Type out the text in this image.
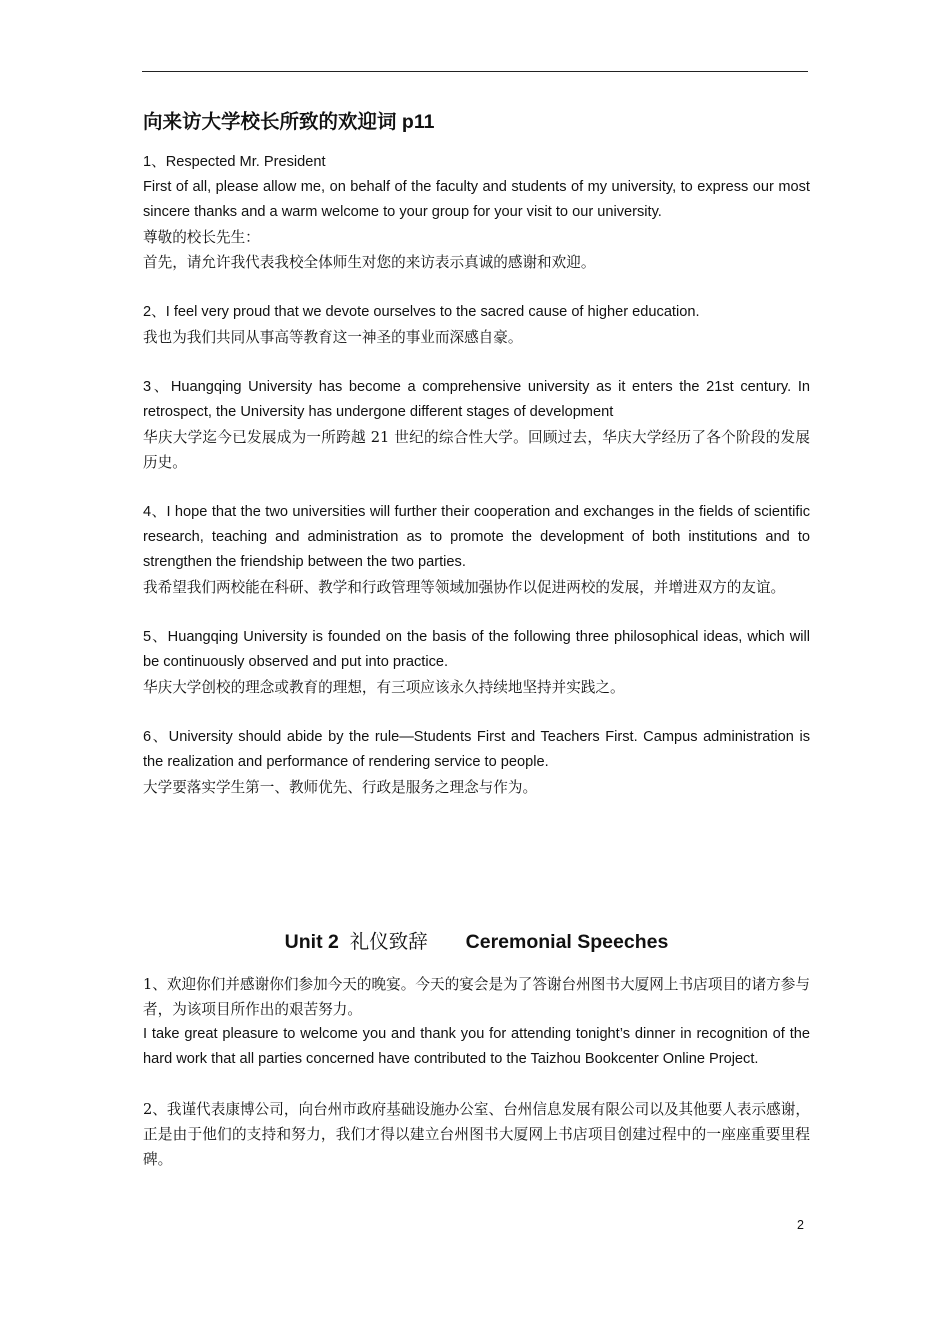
向来访大学校长所致的欢迎词 p11

1、Respected Mr. President
First of all, please allow me, on behalf of the faculty and students of my university, to express our most sincere thanks and a warm welcome to your group for your visit to our university.

尊敬的校长先生：
首先，请允许我代表我校全体师生对您的来访表示真诚的感谢和欢迎。

2、I feel very proud that we devote ourselves to the sacred cause of higher education.

我也为我们共同从事高等教育这一神圣的事业而深感自豪。

3、Huangqing University has become a comprehensive university as it enters the 21st century. In retrospect, the University has undergone different stages of development

华庆大学迄今已发展成为一所跨越 21 世纪的综合性大学。回顾过去，华庆大学经历了各个阶段的发展历史。

4、I hope that the two universities will further their cooperation and exchanges in the fields of scientific research, teaching and administration as to promote the development of both institutions and to strengthen the friendship between the two parties.

我希望我们两校能在科研、教学和行政管理等领域加强协作以促进两校的发展，并增进双方的友谊。

5、Huangqing University is founded on the basis of the following three philosophical ideas, which will be continuously observed and put into practice.

华庆大学创校的理念或教育的理想，有三项应该永久持续地坚持并实践之。

6、University should abide by the rule—Students First and Teachers First. Campus administration is the realization and performance of rendering service to people.

大学要落实学生第一、教师优先、行政是服务之理念与作为。

Unit 2 礼仪致辞 Ceremonial Speeches

1、欢迎你们并感谢你们参加今天的晚宴。今天的宴会是为了答谢台州图书大厦网上书店项目的诸方参与者，为该项目所作出的艰苦努力。

I take great pleasure to welcome you and thank you for attending tonight’s dinner in recognition of the hard work that all parties concerned have contributed to the Taizhou Bookcenter Online Project.

2、我谨代表康博公司，向台州市政府基础设施办公室、台州信息发展有限公司以及其他要人表示感谢，正是由于他们的支持和努力，我们才得以建立台州图书大厦网上书店项目创建过程中的一座座重要里程碑。

2
